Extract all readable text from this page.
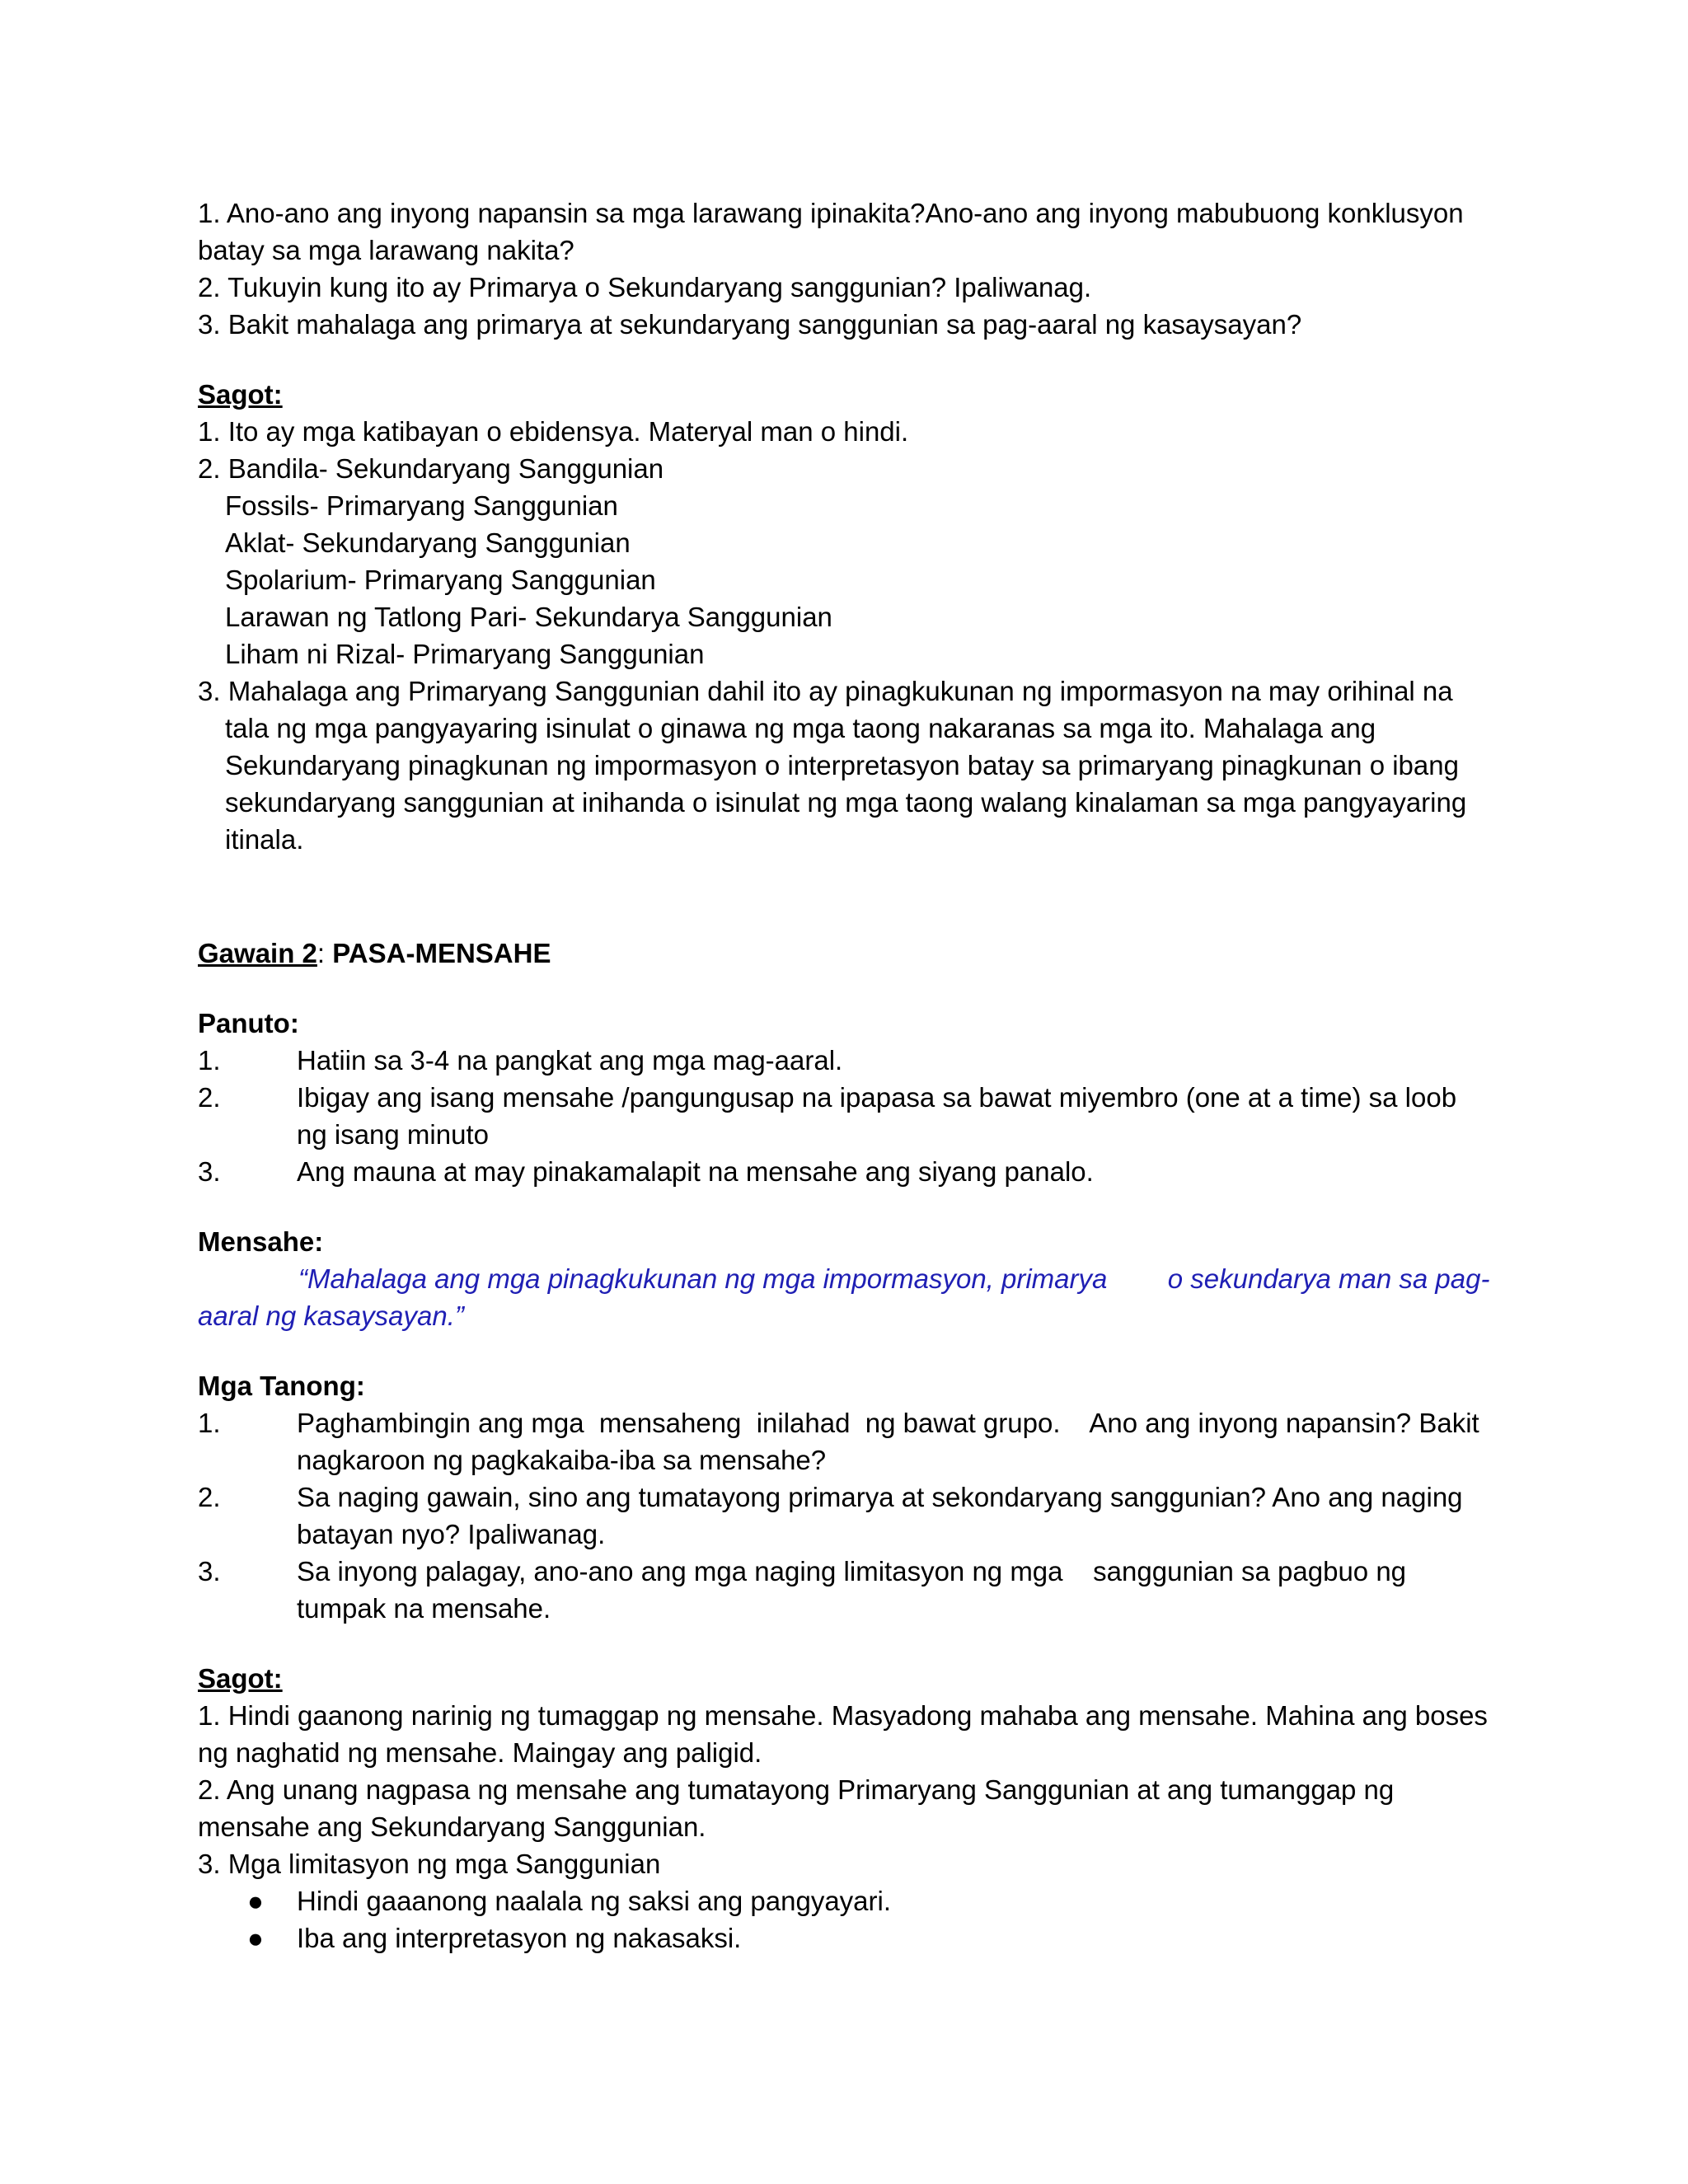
1. Ano-ano ang inyong napansin sa mga larawang ipinakita?Ano-ano ang inyong mabubuong konklusyon batay sa mga larawang nakita?

2. Tukuyin kung ito ay Primarya o Sekundaryang sanggunian? Ipaliwanag.

3. Bakit mahalaga ang primarya at sekundaryang sanggunian sa pag-aaral ng kasaysayan?

Sagot:

1. Ito ay mga katibayan o ebidensya. Materyal man o hindi.

2. Bandila- Sekundaryang Sanggunian

Fossils- Primaryang Sanggunian

Aklat- Sekundaryang Sanggunian

Spolarium- Primaryang Sanggunian

Larawan ng Tatlong Pari- Sekundarya Sanggunian

Liham ni Rizal- Primaryang Sanggunian

3. Mahalaga ang Primaryang Sanggunian dahil ito ay pinagkukunan ng impormasyon na may orihinal na tala ng mga pangyayaring isinulat o ginawa ng mga taong nakaranas sa mga ito. Mahalaga ang Sekundaryang pinagkunan ng impormasyon o interpretasyon batay sa primaryang pinagkunan o ibang sekundaryang sanggunian at inihanda o isinulat ng mga taong walang kinalaman sa mga pangyayaring itinala.

Gawain 2: PASA-MENSAHE

Panuto:

1.	Hatiin sa 3-4 na pangkat ang mga mag-aaral.
2.	Ibigay ang isang mensahe /pangungusap na ipapasa sa bawat miyembro (one at a time) sa loob ng isang minuto
3.	Ang mauna at may pinakamalapit na mensahe ang siyang panalo.

Mensahe:

“Mahalaga ang mga pinagkukunan ng mga impormasyon, primarya        o sekundarya man sa pag-aaral ng kasaysayan.”

Mga Tanong:

1.	Paghambingin ang mga  mensaheng  inilahad  ng bawat grupo.    Ano ang inyong napansin? Bakit nagkaroon ng pagkakaiba-iba sa mensahe?
2.	Sa naging gawain, sino ang tumatayong primarya at sekondaryang sanggunian? Ano ang naging batayan nyo? Ipaliwanag.
3.	Sa inyong palagay, ano-ano ang mga naging limitasyon ng mga    sanggunian sa pagbuo ng tumpak na mensahe.

Sagot:

1. Hindi gaanong narinig ng tumaggap ng mensahe. Masyadong mahaba ang mensahe. Mahina ang boses ng naghatid ng mensahe. Maingay ang paligid.

2. Ang unang nagpasa ng mensahe ang tumatayong Primaryang Sanggunian at ang tumanggap ng mensahe ang Sekundaryang Sanggunian.

3. Mga limitasyon ng mga Sanggunian

●	Hindi gaaanong naalala ng saksi ang pangyayari.
●	Iba ang interpretasyon ng nakasaksi.
